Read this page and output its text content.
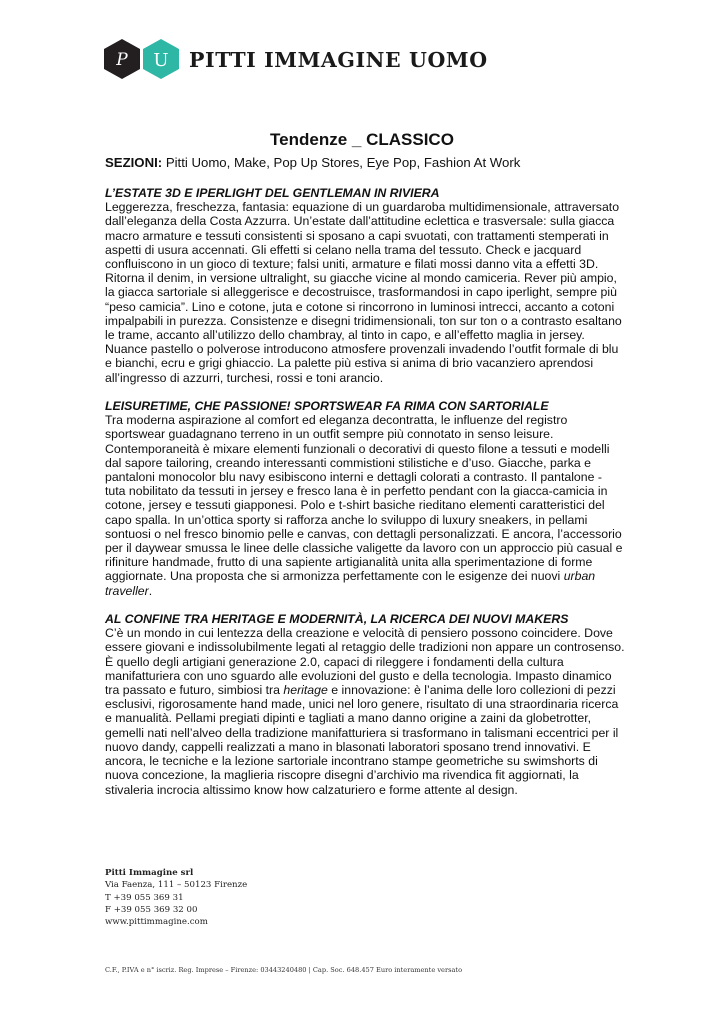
P U PITTI IMMAGINE UOMO
Tendenze _ CLASSICO
SEZIONI: Pitti Uomo, Make, Pop Up Stores, Eye Pop, Fashion At Work
L’ESTATE 3D E IPERLIGHT DEL GENTLEMAN IN RIVIERA

Leggerezza, freschezza, fantasia: equazione di un guardaroba multidimensionale, attraversato dall’eleganza della Costa Azzurra. Un’estate dall’attitudine eclettica e trasversale: sulla giacca macro armature e tessuti consistenti si sposano a capi svuotati, con trattamenti stemperati in aspetti di usura accennati. Gli effetti si celano nella trama del tessuto. Check e jacquard confluiscono in un gioco di texture; falsi uniti, armature e filati mossi danno vita a effetti 3D. Ritorna il denim, in versione ultralight, su giacche vicine al mondo camiceria. Rever più ampio, la giacca sartoriale si alleggerisce e decostruisce, trasformandosi in capo iperlight, sempre più “peso camicia”. Lino e cotone, juta e cotone si rincorrono in luminosi intrecci, accanto a cotoni impalpabili in purezza. Consistenze e disegni tridimensionali, ton sur ton o a contrasto esaltano le trame, accanto all’utilizzo dello chambray, al tinto in capo, e all’effetto maglia in jersey. Nuance pastello o polverose introducono atmosfere provenzali invadendo l’outfit formale di blu e bianchi, ecru e grigi ghiaccio. La palette più estiva si anima di brio vacanziero aprendosi all’ingresso di azzurri, turchesi, rossi e toni arancio.

LEISURETIME, CHE PASSIONE! SPORTSWEAR FA RIMA CON SARTORIALE

Tra moderna aspirazione al comfort ed eleganza decontratta, le influenze del registro sportswear guadagnano terreno in un outfit sempre più connotato in senso leisure. Contemporaneità è mixare elementi funzionali o decorativi di questo filone a tessuti e modelli dal sapore tailoring, creando interessanti commistioni stilistiche e d’uso. Giacche, parka e pantaloni monocolor blu navy esibiscono interni e dettagli colorati a contrasto. Il pantalone - tuta nobilitato da tessuti in jersey e fresco lana è in perfetto pendant con la giacca-camicia in cotone, jersey e tessuti giapponesi. Polo e t-shirt basiche rieditano elementi caratteristici del capo spalla. In un’ottica sporty si rafforza anche lo sviluppo di luxury sneakers, in pellami sontuosi o nel fresco binomio pelle e canvas, con dettagli personalizzati. E ancora, l’accessorio per il daywear smussa le linee delle classiche valigette da lavoro con un approccio più casual e rifiniture handmade, frutto di una sapiente artigianalità unita alla sperimentazione di forme aggiornate. Una proposta che si armonizza perfettamente con le esigenze dei nuovi urban traveller.

AL CONFINE TRA HERITAGE E MODERNITÀ, LA RICERCA DEI NUOVI MAKERS

C’è un mondo in cui lentezza della creazione e velocità di pensiero possono coincidere. Dove essere giovani e indissolubilmente legati al retaggio delle tradizioni non appare un controsenso. È quello degli artigiani generazione 2.0, capaci di rileggere i fondamenti della cultura manifatturiera con uno sguardo alle evoluzioni del gusto e della tecnologia. Impasto dinamico tra passato e futuro, simbiosi tra heritage e innovazione: è l’anima delle loro collezioni di pezzi esclusivi, rigorosamente hand made, unici nel loro genere, risultato di una straordinaria ricerca e manualità. Pellami pregiati dipinti e tagliati a mano danno origine a zaini da globetrotter, gemelli nati nell’alveo della tradizione manifatturiera si trasformano in talismani eccentrici per il nuovo dandy, cappelli realizzati a mano in blasonati laboratori sposano trend innovativi. E ancora, le tecniche e la lezione sartoriale incontrano stampe geometriche su swimshorts di nuova concezione, la maglieria riscopre disegni d’archivio ma rivendica fit aggiornati, la stivaleria incrocia altissimo know how calzaturiero e forme attente al design.

Pitti Immagine srl
Via Faenza, 111 – 50123 Firenze
T +39 055 369 31
F +39 055 369 32 00
www.pittimmagine.com
C.F., P.IVA e n° iscriz. Reg. Imprese – Firenze: 03443240480 | Cap. Soc. 648.457 Euro interamente versato
